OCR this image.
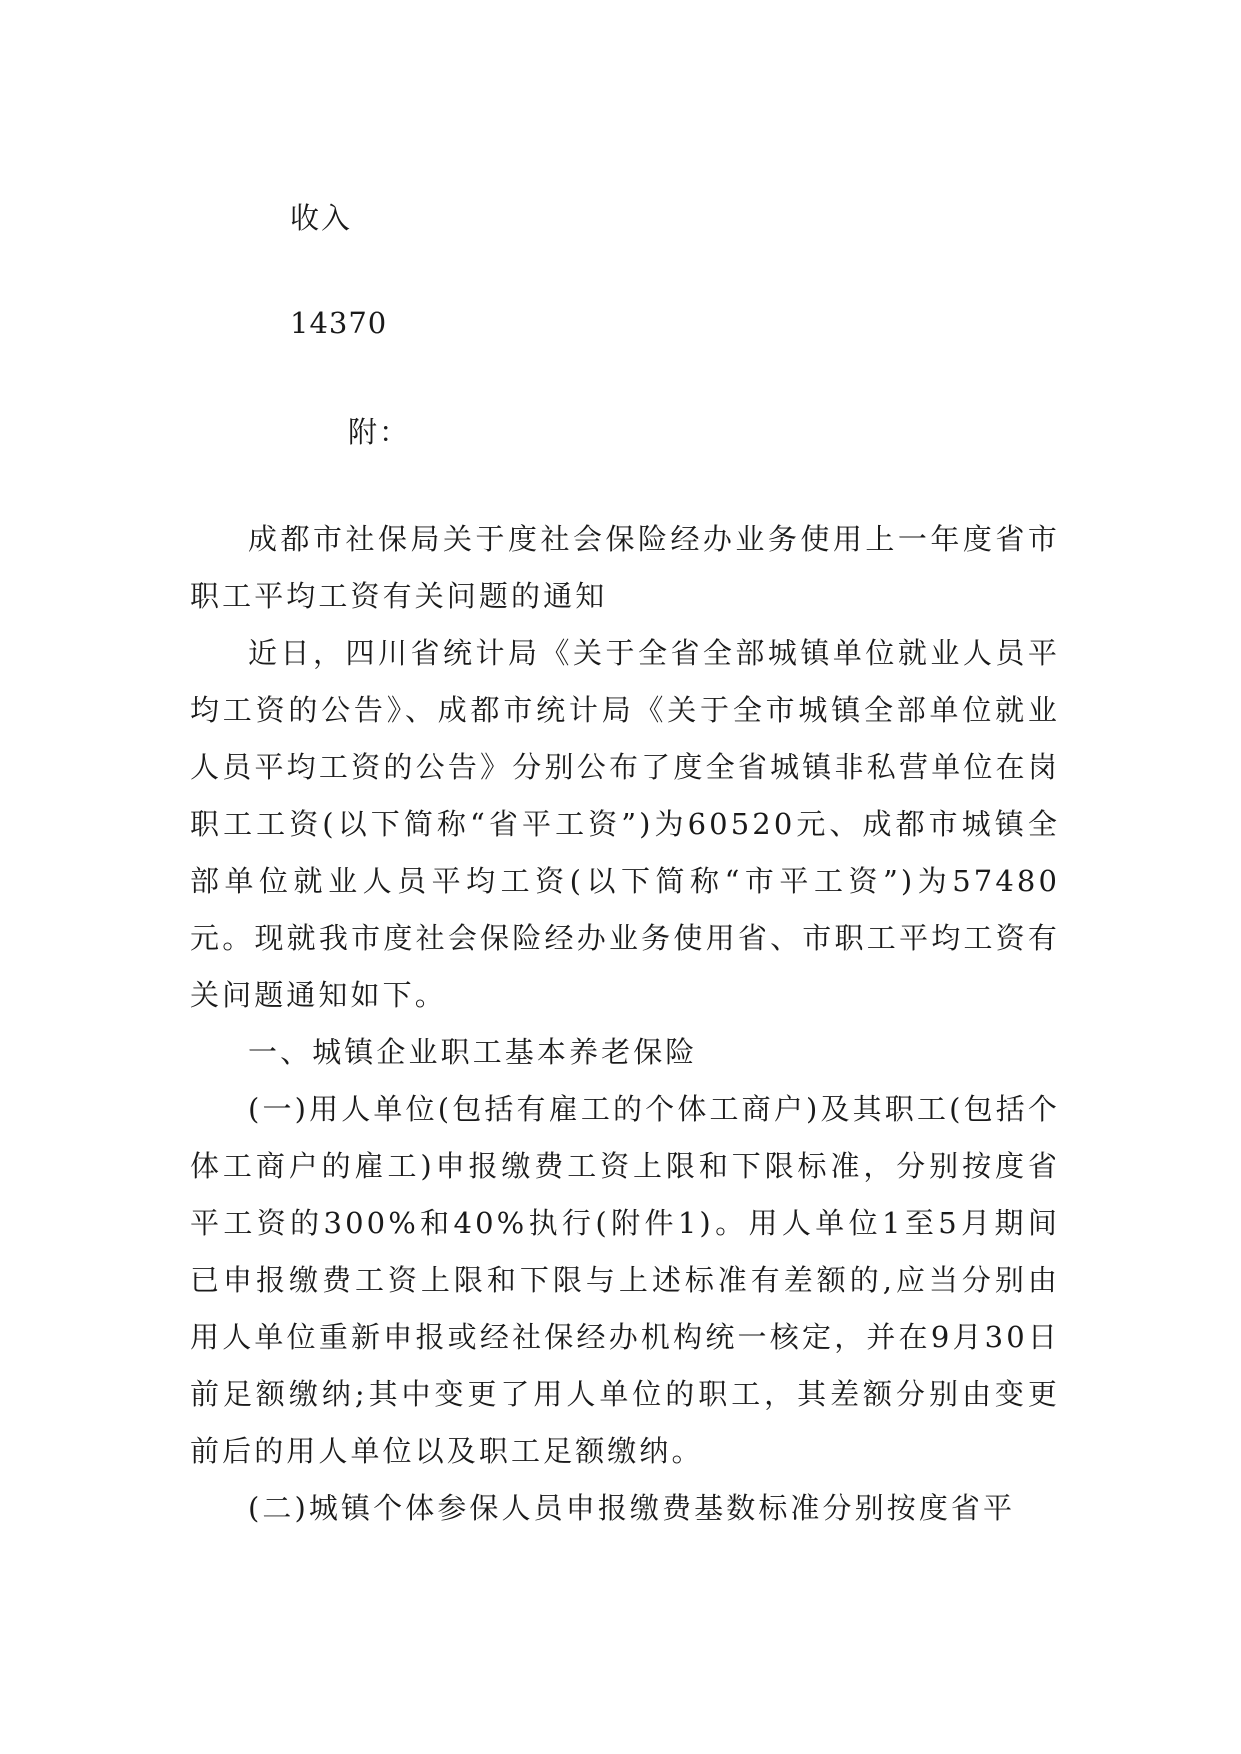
收入
14370
附：

成都市社保局关于度社会保险经办业务使用上一年度省市职工平均工资有关问题的通知

近日，四川省统计局《关于全省全部城镇单位就业人员平均工资的公告》、成都市统计局《关于全市城镇全部单位就业人员平均工资的公告》分别公布了度全省城镇非私营单位在岗职工工资(以下简称“省平工资”)为60520元、成都市城镇全部单位就业人员平均工资(以下简称“市平工资”)为57480元。现就我市度社会保险经办业务使用省、市职工平均工资有关问题通知如下。

一、城镇企业职工基本养老保险

(一)用人单位(包括有雇工的个体工商户)及其职工(包括个体工商户的雇工)申报缴费工资上限和下限标准，分别按度省平工资的300%和40%执行(附件1)。用人单位1至5月期间已申报缴费工资上限和下限与上述标准有差额的,应当分别由用人单位重新申报或经社保经办机构统一核定，并在9月30日前足额缴纳;其中变更了用人单位的职工，其差额分别由变更前后的用人单位以及职工足额缴纳。

(二)城镇个体参保人员申报缴费基数标准分别按度省平
